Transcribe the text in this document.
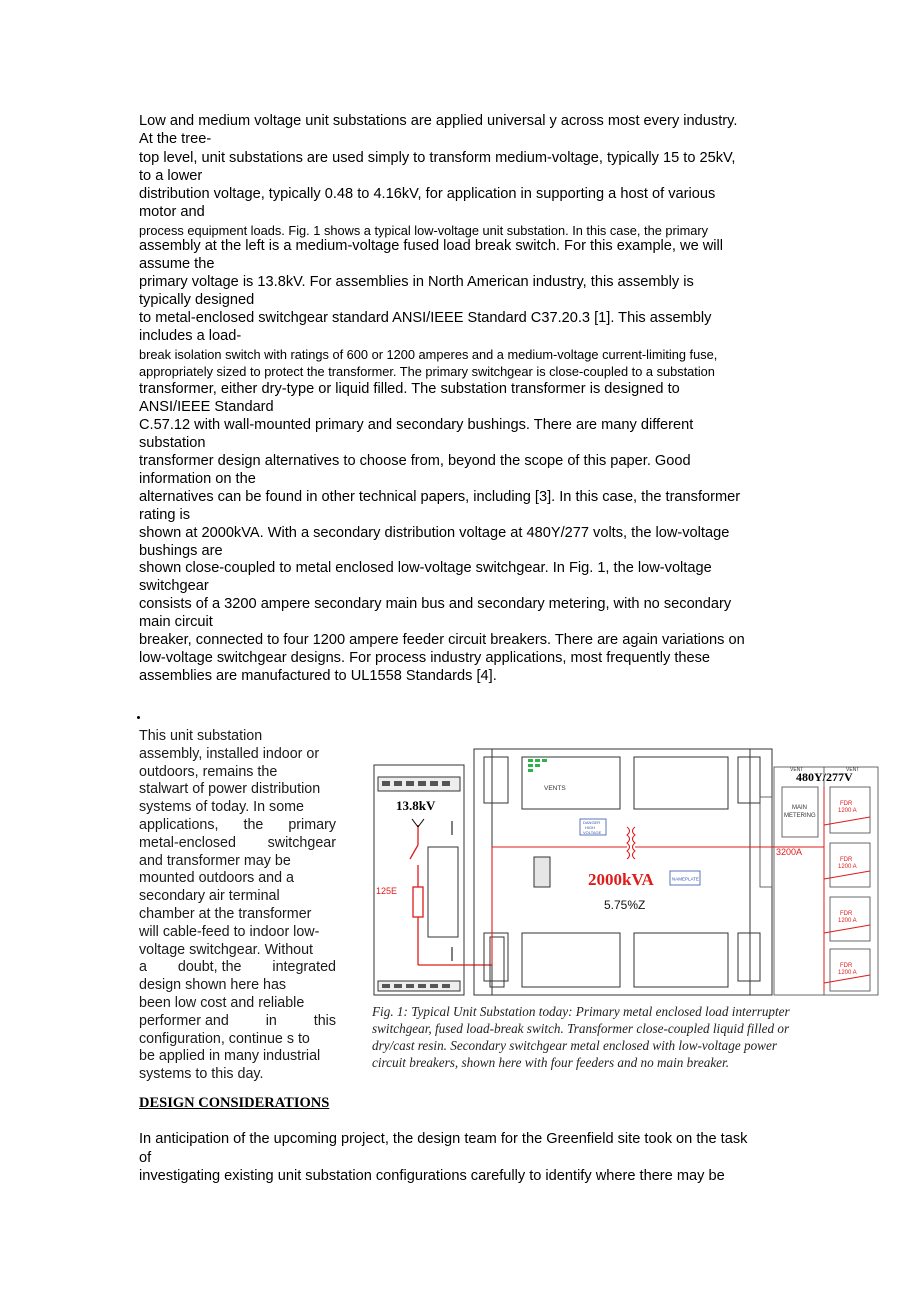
Low and medium voltage unit substations are applied universal y across most every industry.
At the tree-
top level, unit substations are used simply to transform medium-voltage, typically 15 to 25kV,
to a lower
distribution voltage, typically 0.48 to 4.16kV, for application in supporting a host of various
motor and
process equipment loads. Fig. 1 shows a typical low-voltage unit substation. In this case, the primary
assembly at the left is a medium-voltage fused load break switch. For this example, we will
assume the
primary voltage is 13.8kV. For assemblies in North American industry, this assembly is
typically designed
to metal-enclosed switchgear standard ANSI/IEEE Standard C37.20.3 [1]. This assembly
includes a load-
break isolation switch with ratings of 600 or 1200 amperes and a medium-voltage current-limiting fuse,
appropriately sized to protect the transformer. The primary switchgear is close-coupled to a substation
transformer, either dry-type or liquid filled. The substation transformer is designed to
ANSI/IEEE Standard
C.57.12 with wall-mounted primary and secondary bushings. There are many different
substation
transformer design alternatives to choose from, beyond the scope of this paper. Good
information on the
alternatives can be found in other technical papers, including [3]. In this case, the transformer
rating is
shown at 2000kVA. With a secondary distribution voltage at 480Y/277 volts, the low-voltage
bushings are
shown close-coupled to metal enclosed low-voltage switchgear. In Fig. 1, the low-voltage
switchgear
consists of a 3200 ampere secondary main bus and secondary metering, with no secondary
main circuit
breaker, connected to four 1200 ampere feeder circuit breakers. There are again variations on
low-voltage switchgear designs. For process industry applications, most frequently these
assemblies are manufactured to UL1558 Standards [4].
This unit substation
assembly, installed indoor or
outdoors, remains the
stalwart of power distribution
systems of today. In some
applications, the primary
metal-enclosed switchgear
and transformer may be
mounted outdoors and a
secondary air terminal
chamber at the transformer
will cable-feed to indoor low-
voltage switchgear. Without
a doubt, the integrated
design shown here has
been low cost and reliable
performer and	in	this
configuration, continue s to
be applied in many industrial
systems to this day.
13.8kV
125E
VENTS
DANGER
HIGH
VOLTAGE
2000kVA	NAMEPLATE
5.75%Z
480Y/277V
VENT	VENT
MAIN
METERING
3200A
FDR
1200 A
FDR
1200 A
FDR
1200 A
FDR
1200 A
Fig. 1: Typical Unit Substation today: Primary metal enclosed load interrupter
switchgear, fused load-break switch. Transformer close-coupled liquid filled or
dry/cast resin. Secondary switchgear metal enclosed with low-voltage power
circuit breakers, shown here with four feeders and no main breaker.
DESIGN CONSIDERATIONS
In anticipation of the upcoming project, the design team for the Greenfield site took on the task
of
investigating existing unit substation configurations carefully to identify where there may be
